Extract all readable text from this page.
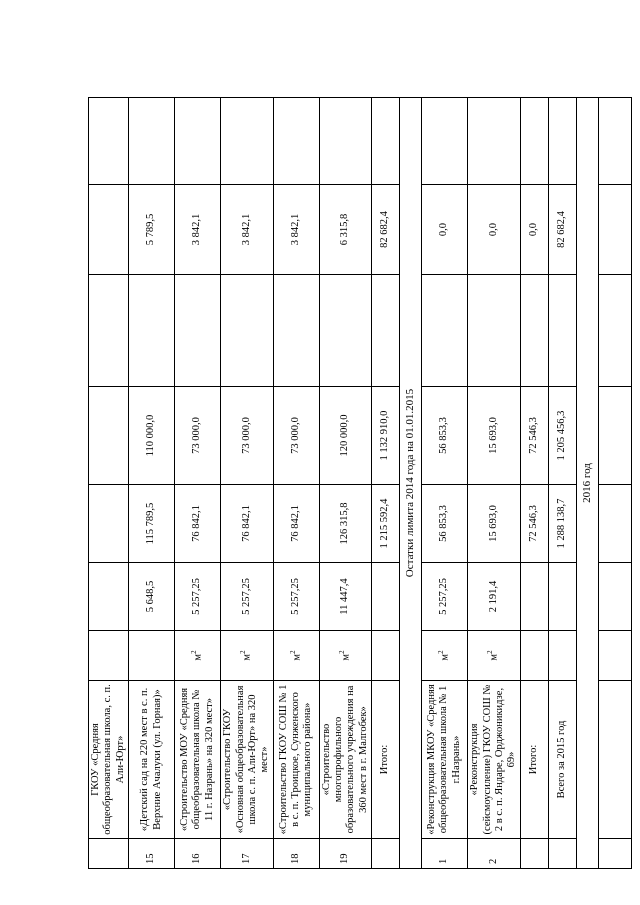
	ГКОУ «Средняя общеобразовательная школа, с. п. Али-Юрт»							
15	«Детский сад на 220 мест в с. п. Верхние Ачалуки (ул. Горная)»		5 648,5	115 789,5	110 000,0		5 789,5	
16	«Строительство МОУ «Средняя общеобразовательная школа № 11 г. Назрань» на 320 мест»	$м^2$	5 257,25	76 842,1	73 000,0		3 842,1	
17	«Строительство ГКОУ «Основная общеобразовательная школа с. п. Али-Юрт» на 320 мест»	$м^2$	5 257,25	76 842,1	73 000,0		3 842,1	
18	«Строительство ГКОУ СОШ № 1 в с. п. Троицкое, Сунженского муниципального района»	$м^2$	5 257,25	76 842,1	73 000,0		3 842,1	
19	«Строительство многопрофильного образовательного учреждения на 360 мест в г. Малгобек»	$м^2$	11 447,4	126 315,8	120 000,0		6 315,8	
	Итого:			1 215 592,4	1 132 910,0		82 682,4	
Остатки лимита 2014 года на 01.01.2015								
1	«Реконструкция МКОУ «Средняя общеобразовательная школа № 1 г.Назрань»	$м^2$	5 257,25	56 853,3	56 853,3		0,0	
2	«Реконструкция (сейсмоусиление) ГКОУ СОШ № 2 в с. п. Яндаре, Орджоникидзе, 69»	$м^2$	2 191,4	15 693,0	15 693,0		0,0	
	Итого:			72 546,3	72 546,3		0,0	
	Всего за 2015 год			1 288 138,7	1 205 456,3		82 682,4	
2016 год								
